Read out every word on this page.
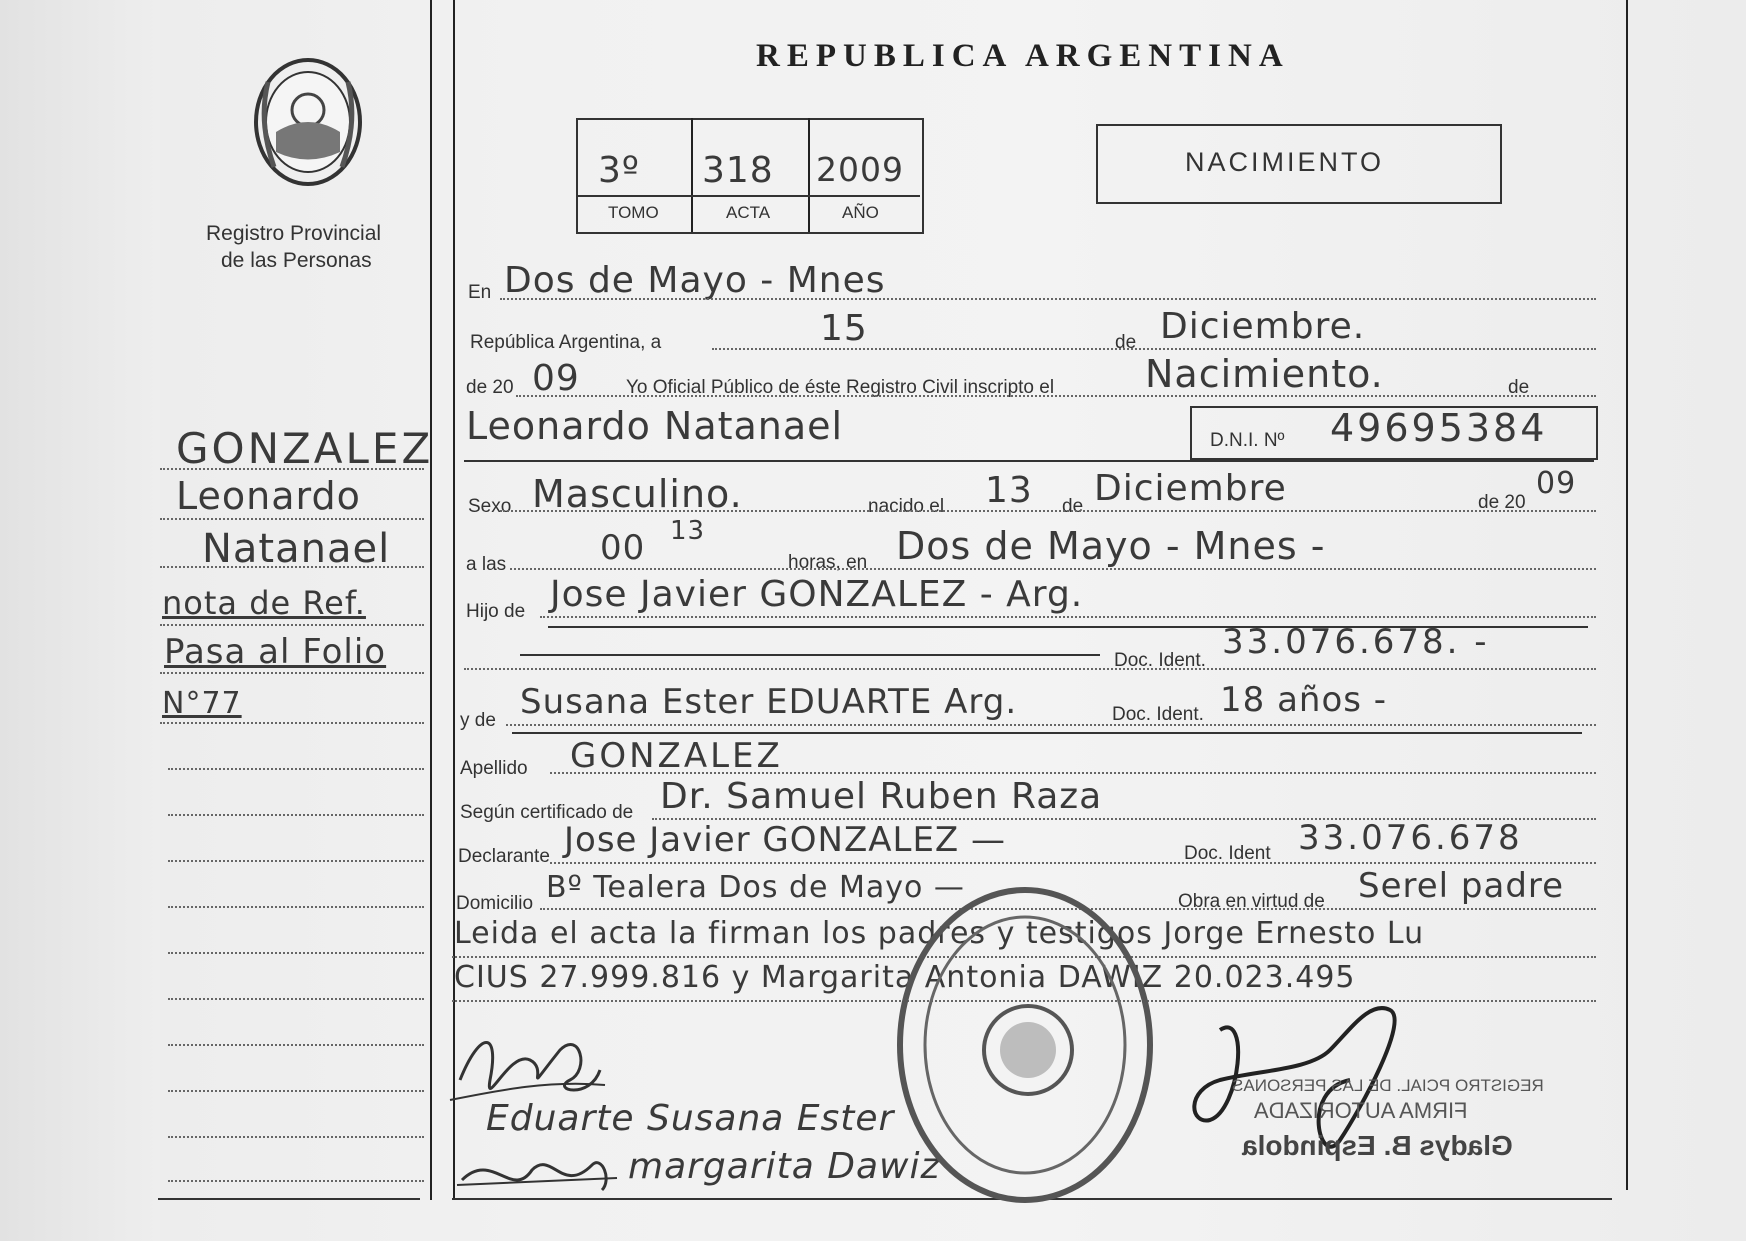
Registro Provincial
de las Personas
REPUBLICA ARGENTINA
3º 318 2009
TOMO	ACTA	AÑO
NACIMIENTO
GONZALEZ
Leonardo
Natanael
nota de Ref.
Pasa al Folio
N°77
En Dos de Mayo - Mnes
República Argentina, a	15	de Diciembre.
de 20 09 Yo Oficial Público de éste Registro Civil inscripto el Nacimiento.	de
Leonardo Natanael	D.N.I. Nº 49695384
Sexo Masculino.	nacido el 13 de Diciembre	de 20
09
a las	00 13
horas, en Dos de Mayo - Mnes -
Hijo de Jose Javier GONZALEZ - Arg.
Doc. Ident. 33.076.678. -
y de Susana Ester EDUARTE Arg.	Doc. Ident. 18 años -
Apellido GONZALEZ
Según certificado de Dr. Samuel Ruben Raza
Declarante Jose Javier GONZALEZ —	Doc. Ident 33.076.678
Domicilio Bº Tealera Dos de Mayo —	Obra en virtud de Serel padre
Leida el acta la firman los padres y testigos Jorge Ernesto Lu
CIUS 27.999.816 y Margarita Antonia DAWIZ 20.023.495
Eduarte Susana Ester
margarita Dawiz
FIRMA AUTORIZADA
REGISTRO PCIAL. DE LAS PERSONAS
Gladys B. Espindola
